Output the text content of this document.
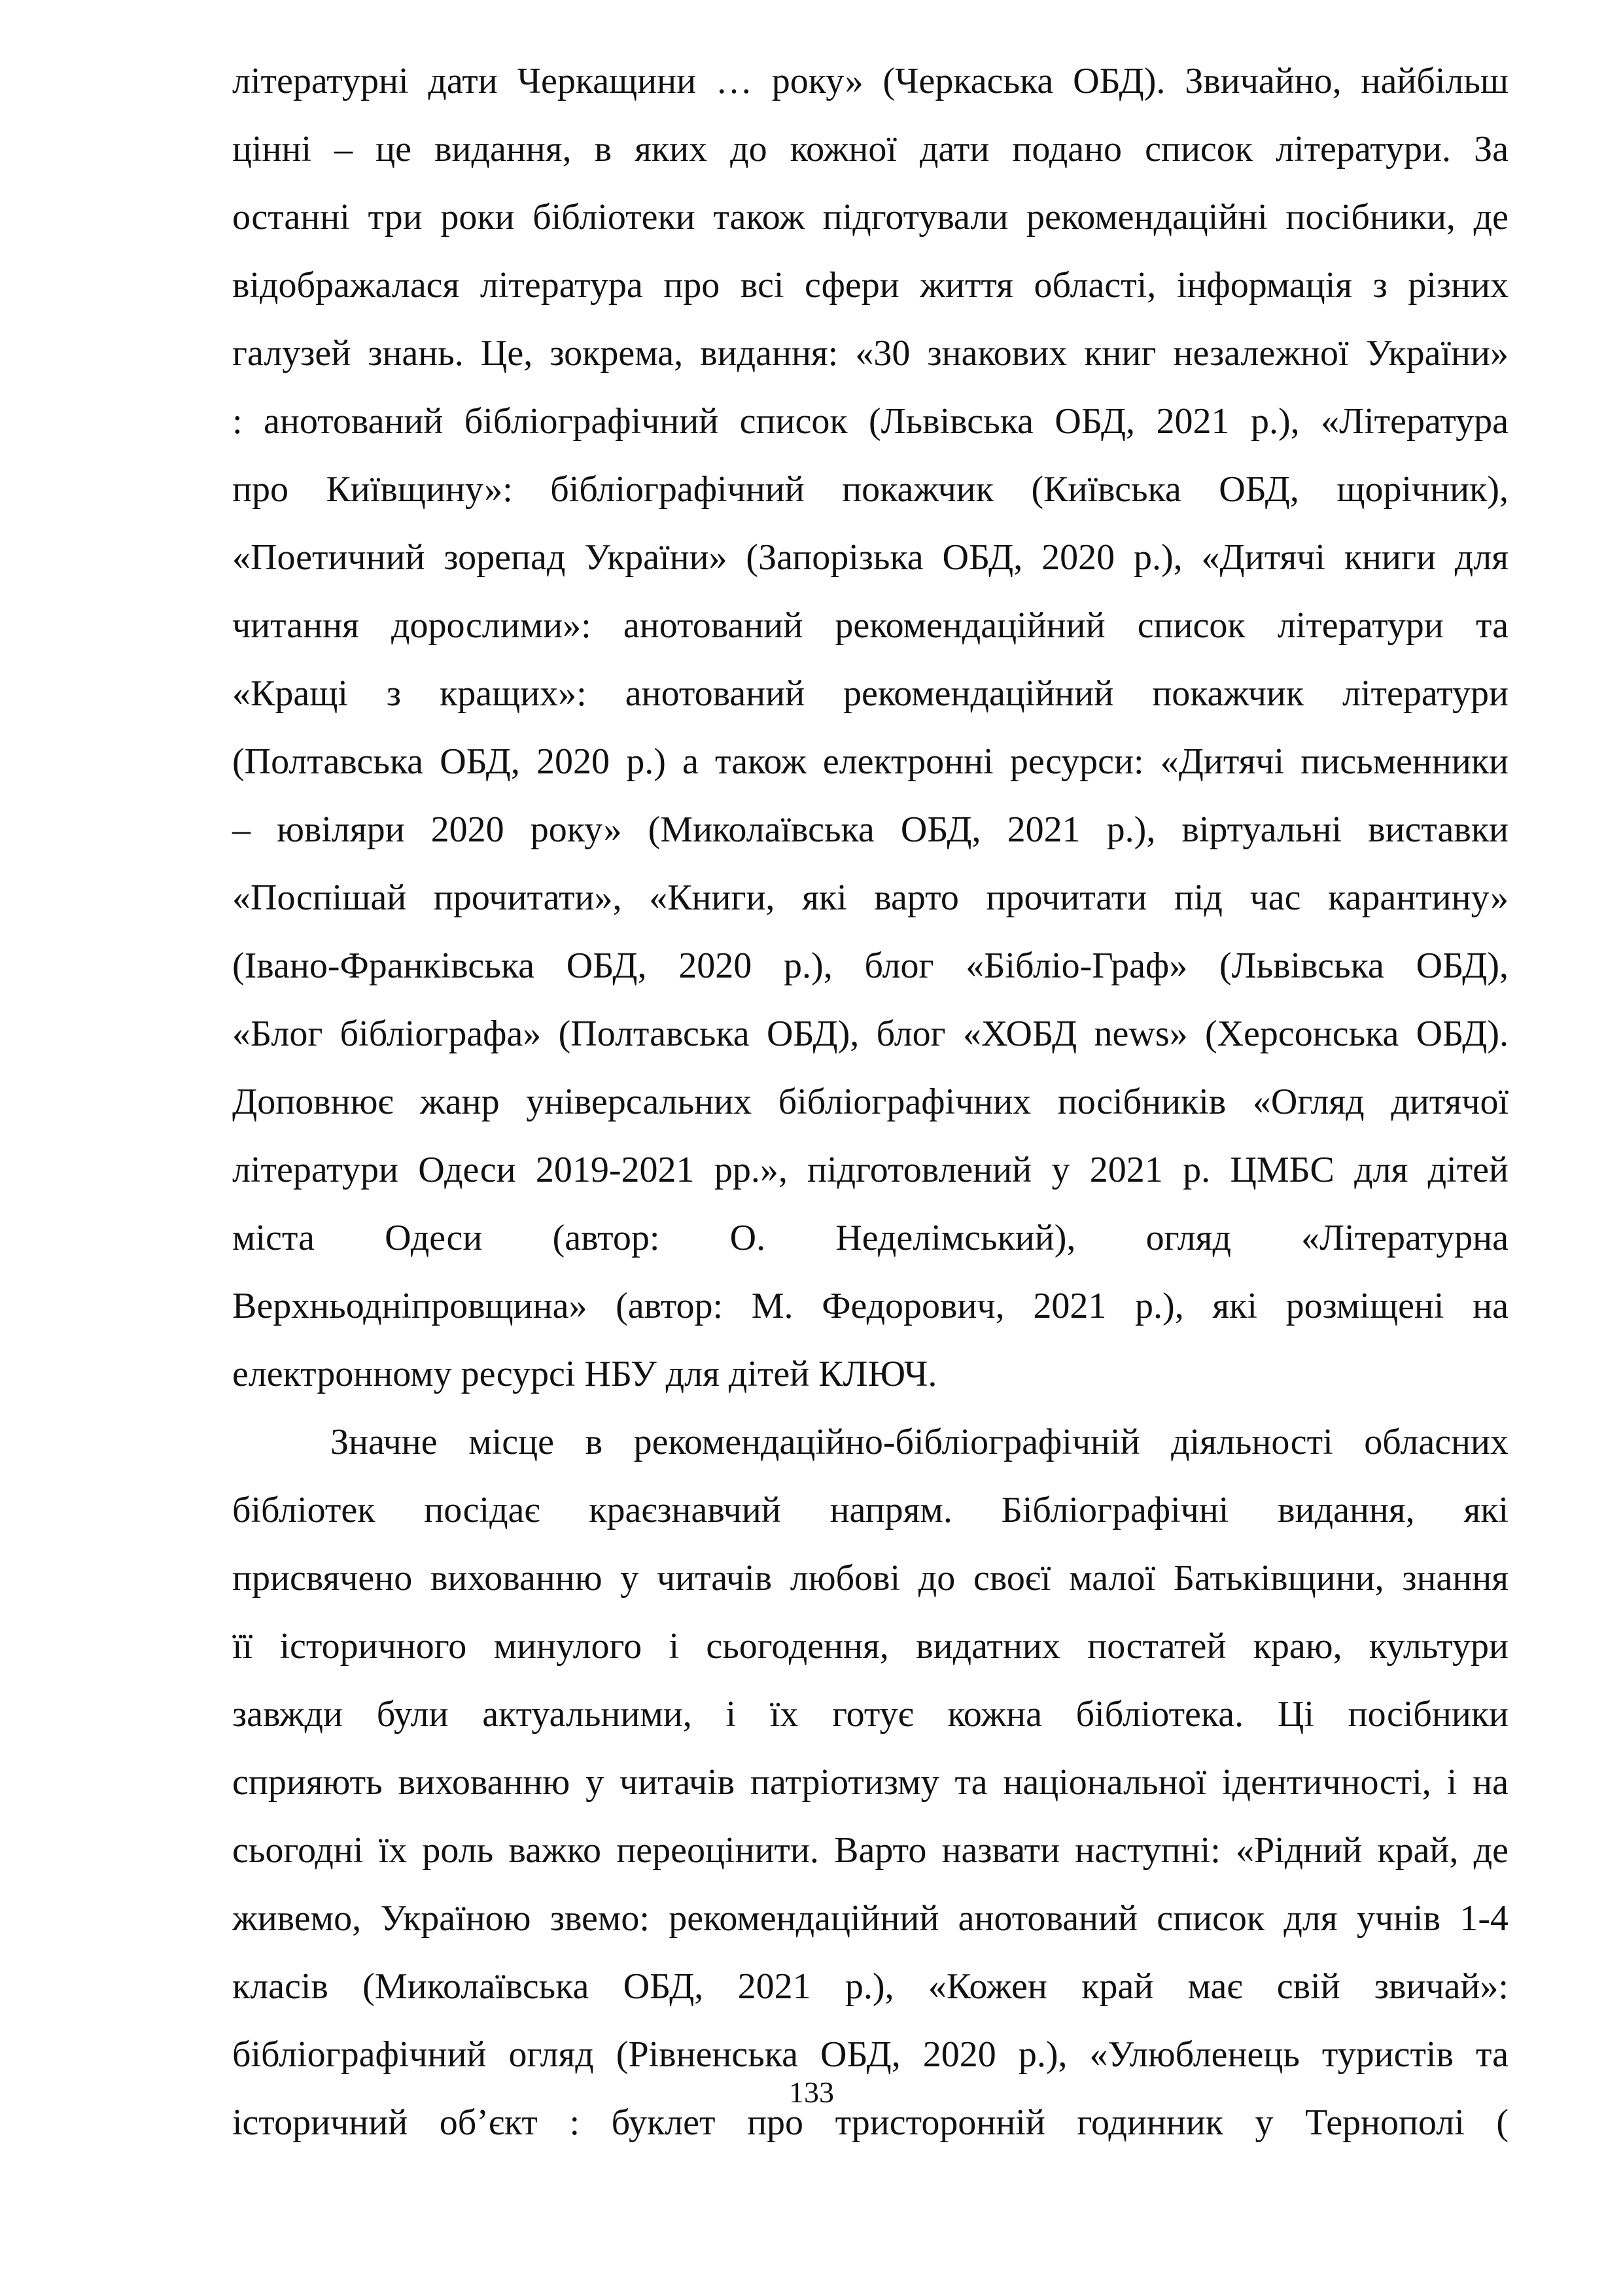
літературні дати Черкащини … року» (Черкаська ОБД). Звичайно, найбільш
цінні – це видання, в яких до кожної дати подано список літератури. За
останні три роки бібліотеки також підготували рекомендаційні посібники, де
відображалася література про всі сфери життя області, інформація з різних
галузей знань. Це, зокрема, видання: «30 знакових книг незалежної України»
: анотований бібліографічний список (Львівська ОБД, 2021 р.), «Література
про Київщину»: бібліографічний покажчик (Київська ОБД, щорічник),
«Поетичний зорепад України» (Запорізька ОБД, 2020 р.), «Дитячі книги для
читання дорослими»: анотований рекомендаційний список літератури та
«Кращі з кращих»: анотований рекомендаційний покажчик літератури
(Полтавська ОБД, 2020 р.) а також електронні ресурси: «Дитячі письменники
– ювіляри 2020 року» (Миколаївська ОБД, 2021 р.), віртуальні виставки
«Поспішай прочитати», «Книги, які варто прочитати під час карантину»
(Івано-Франківська ОБД, 2020 р.), блог «Бібліо-Граф» (Львівська ОБД),
«Блог бібліографа» (Полтавська ОБД), блог «ХОБД news» (Херсонська ОБД).
Доповнює жанр універсальних бібліографічних посібників «Огляд дитячої
літератури Одеси 2019-2021 рр.», підготовлений у 2021 р. ЦМБС для дітей
міста Одеси (автор: О. Неделімський), огляд «Літературна
Верхньодніпровщина» (автор: М. Федорович, 2021 р.), які розміщені на
електронному ресурсі НБУ для дітей КЛЮЧ.
Значне місце в рекомендаційно-бібліографічній діяльності обласних
бібліотек посідає краєзнавчий напрям. Бібліографічні видання, які
присвячено вихованню у читачів любові до своєї малої Батьківщини, знання
її історичного минулого і сьогодення, видатних постатей краю, культури
завжди були актуальними, і їх готує кожна бібліотека. Ці посібники
сприяють вихованню у читачів патріотизму та національної ідентичності, і на
сьогодні їх роль важко переоцінити. Варто назвати наступні: «Рідний край, де
живемо, Україною звемо: рекомендаційний анотований список для учнів 1-4
класів (Миколаївська ОБД, 2021 р.), «Кожен край має свій звичай»:
бібліографічний огляд (Рівненська ОБД, 2020 р.), «Улюбленець туристів та
історичний об’єкт : буклет про тристоронній годинник у Тернополі (
133
